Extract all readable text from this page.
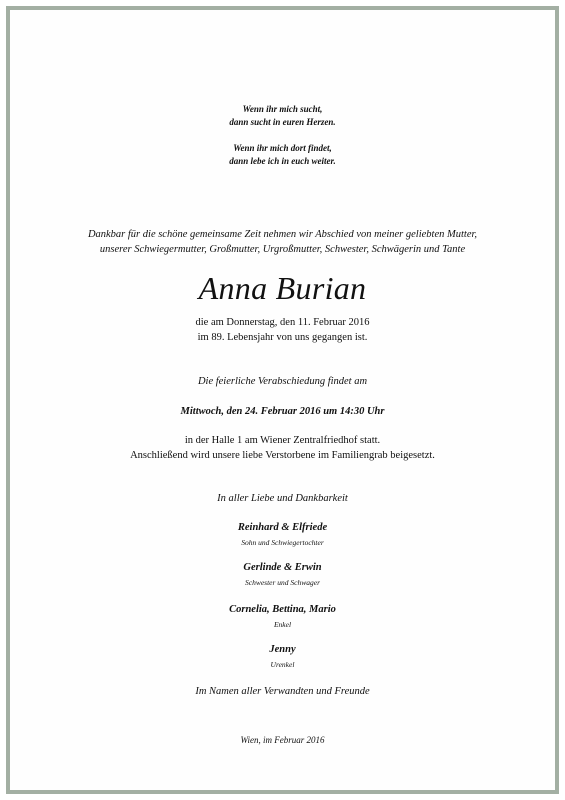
Wenn ihr mich sucht,
dann sucht in euren Herzen.
Wenn ihr mich dort findet,
dann lebe ich in euch weiter.
Dankbar für die schöne gemeinsame Zeit nehmen wir Abschied von meiner geliebten Mutter,
unserer Schwiegermutter, Großmutter, Urgroßmutter, Schwester, Schwägerin und Tante
Anna Burian
die am Donnerstag, den 11. Februar 2016
im 89. Lebensjahr von uns gegangen ist.
Die feierliche Verabschiedung findet am
Mittwoch, den 24. Februar 2016 um 14:30 Uhr
in der Halle 1 am Wiener Zentralfriedhof statt.
Anschließend wird unsere liebe Verstorbene im Familiengrab beigesetzt.
In aller Liebe und Dankbarkeit
Reinhard & Elfriede
Sohn und Schwiegertochter
Gerlinde & Erwin
Schwester und Schwager
Cornelia, Bettina, Mario
Enkel
Jenny
Urenkel
Im Namen aller Verwandten und Freunde
Wien, im Februar 2016
